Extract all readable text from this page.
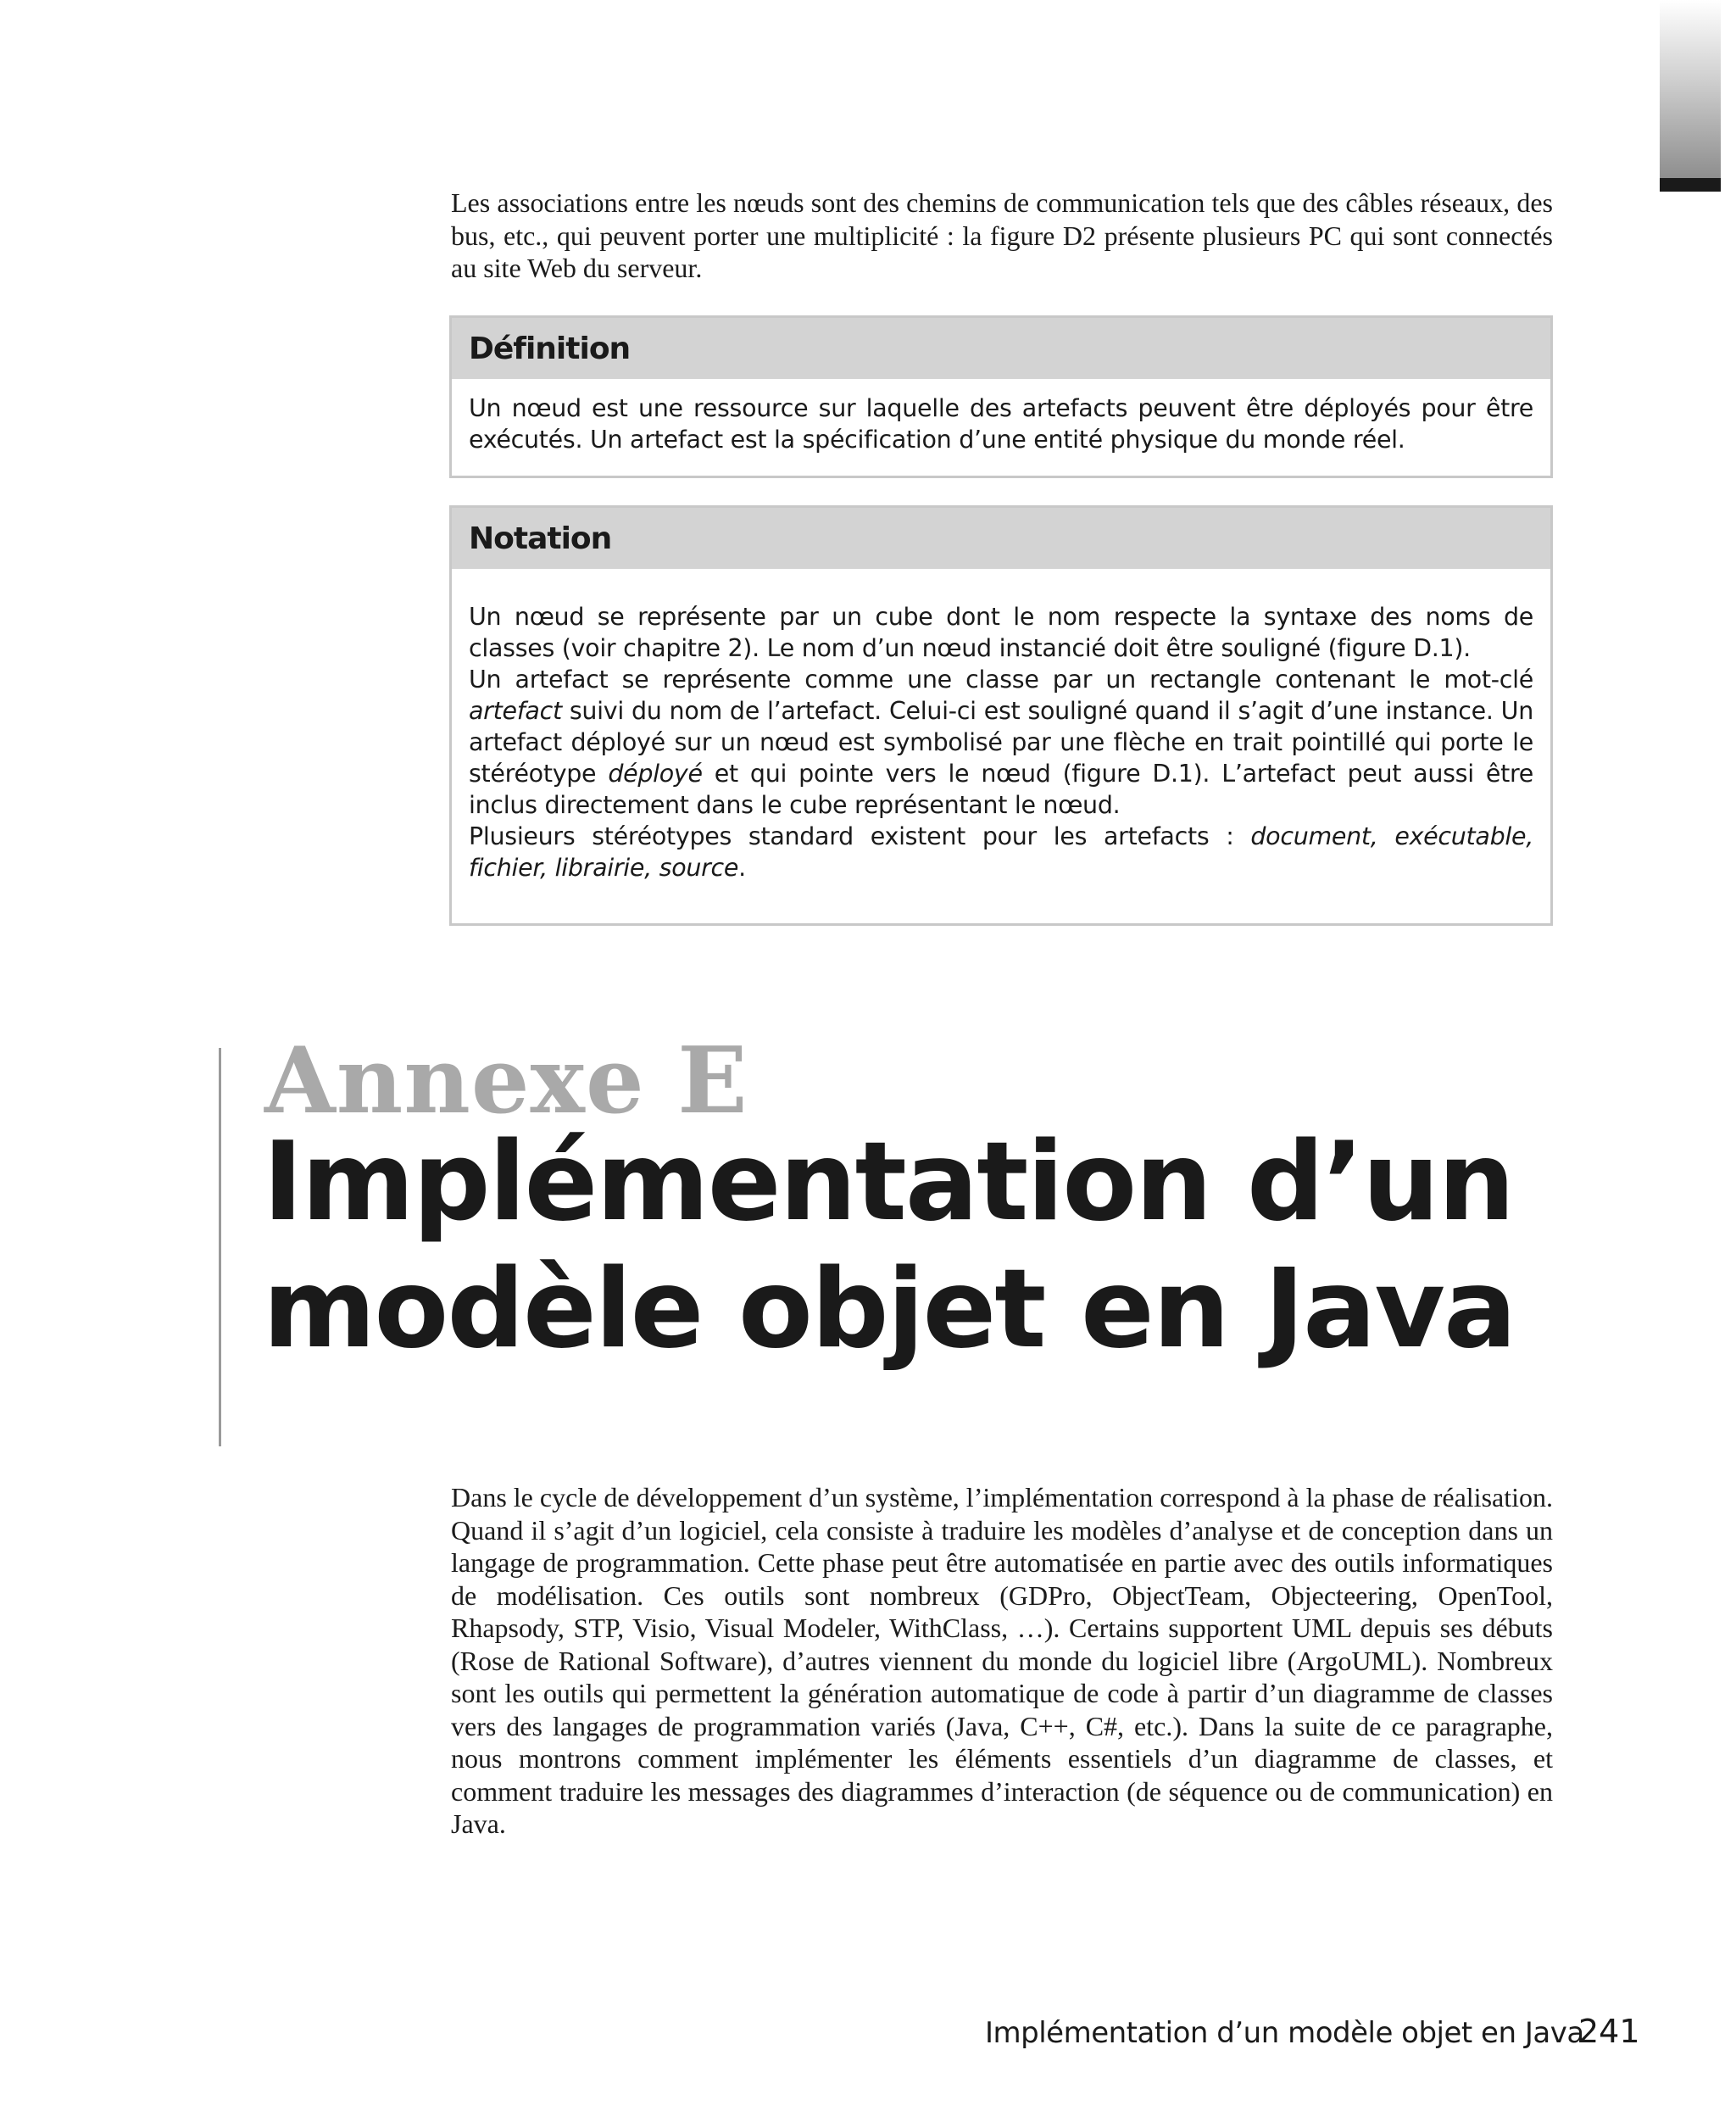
Les associations entre les nœuds sont des chemins de communication tels que des câbles réseaux, des bus, etc., qui peuvent porter une multiplicité : la figure D2 présente plusieurs PC qui sont connectés au site Web du serveur.

Définition

Un nœud est une ressource sur laquelle des artefacts peuvent être déployés pour être exécutés. Un artefact est la spécification d’une entité physique du monde réel.

Notation

Un nœud se représente par un cube dont le nom respecte la syntaxe des noms de classes (voir chapitre 2). Le nom d’un nœud instancié doit être souligné (figure D.1).

Un artefact se représente comme une classe par un rectangle contenant le mot-clé artefact suivi du nom de l’artefact. Celui-ci est souligné quand il s’agit d’une instance. Un artefact déployé sur un nœud est symbolisé par une flèche en trait pointillé qui porte le stéréotype déployé et qui pointe vers le nœud (figure D.1). L’artefact peut aussi être inclus directement dans le cube représentant le nœud.

Plusieurs stéréotypes standard existent pour les artefacts : document, exécutable, fichier, librairie, source.

Annexe E
Implémentation d’un
modèle objet en Java

Dans le cycle de développement d’un système, l’implémentation correspond à la phase de réalisation. Quand il s’agit d’un logiciel, cela consiste à traduire les modèles d’analyse et de conception dans un langage de programmation. Cette phase peut être automatisée en partie avec des outils informatiques de modélisation. Ces outils sont nombreux (GDPro, ObjectTeam, Objecteering, OpenTool, Rhapsody, STP, Visio, Visual Modeler, WithClass, …). Certains supportent UML depuis ses débuts (Rose de Rational Software), d’autres viennent du monde du logiciel libre (ArgoUML). Nombreux sont les outils qui permettent la génération automatique de code à partir d’un diagramme de classes vers des langages de programmation variés (Java, C++, C#, etc.). Dans la suite de ce paragraphe, nous montrons comment implémenter les éléments essentiels d’un diagramme de classes, et comment traduire les messages des diagrammes d’interaction (de séquence ou de communication) en Java.

Implémentation d’un modèle objet en Java
241
